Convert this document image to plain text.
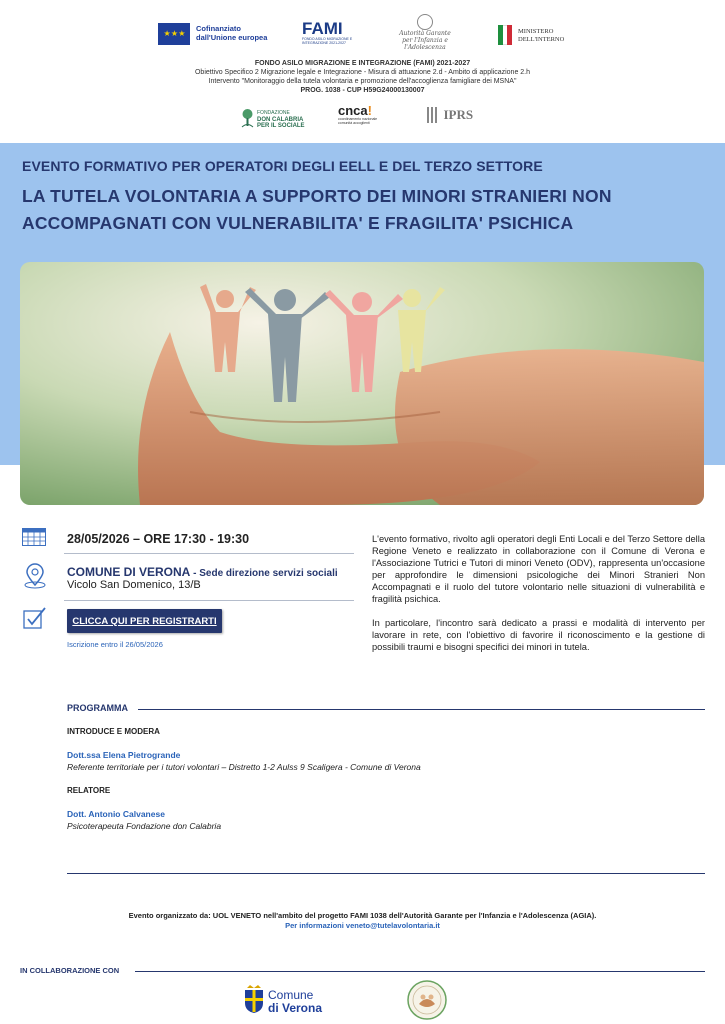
★ ★ ★
Cofinanziato
dall'Unione europea	FAMI
FONDO ASILO MIGRAZIONE E INTEGRAZIONE 2021-2027
Autorità Garante
per l'Infanzia e l'Adolescenza
MINISTERO
DELL'INTERNO
FONDO ASILO MIGRAZIONE E INTEGRAZIONE (FAMI) 2021-2027
Obiettivo Specifico 2 Migrazione legale e Integrazione - Misura di attuazione 2.d - Ambito di applicazione 2.h
Intervento "Monitoraggio della tutela volontaria e promozione dell'accoglienza famigliare dei MSNA"
PROG. 1038 - CUP H59G24000130007
FONDAZIONE
DON CALABRIA
PER IL SOCIALE
cnca!
coordinamento nazionale
comunità accoglienti
IPRS
EVENTO FORMATIVO PER OPERATORI DEGLI EELL E DEL TERZO SETTORE
LA TUTELA VOLONTARIA A SUPPORTO DEI MINORI STRANIERI NON
ACCOMPAGNATI CON VULNERABILITA' E FRAGILITA' PSICHICA
28/05/2026 – ORE 17:30 - 19:30
COMUNE DI VERONA - Sede direzione servizi sociali
Vicolo San Domenico, 13/B
CLICCA QUI PER REGISTRARTI
Iscrizione entro il 26/05/2026

L'evento formativo, rivolto agli operatori degli Enti Locali e del Terzo Settore della Regione Veneto e realizzato in collaborazione con il Comune di Verona e l'Associazione Tutrici e Tutori di minori Veneto (ODV), rappresenta un'occasione per approfondire le dimensioni psicologiche dei Minori Stranieri Non Accompagnati e il ruolo del tutore volontario nelle situazioni di vulnerabilità e fragilità psichica.

In particolare, l'incontro sarà dedicato a prassi e modalità di intervento per lavorare in rete, con l'obiettivo di favorire il riconoscimento e la gestione di possibili traumi e bisogni specifici dei minori in tutela.

PROGRAMMA
INTRODUCE E MODERA
Dott.ssa Elena Pietrogrande
Referente territoriale per i tutori volontari – Distretto 1-2 Aulss 9 Scaligera - Comune di Verona
RELATORE
Dott. Antonio Calvanese
Psicoterapeuta Fondazione don Calabria
Evento organizzato da: UOL VENETO nell'ambito del progetto FAMI 1038 dell'Autorità Garante per l'Infanzia e l'Adolescenza (AGIA).
Per informazioni veneto@tutelavolontaria.it
IN COLLABORAZIONE CON
Comune
di Verona
